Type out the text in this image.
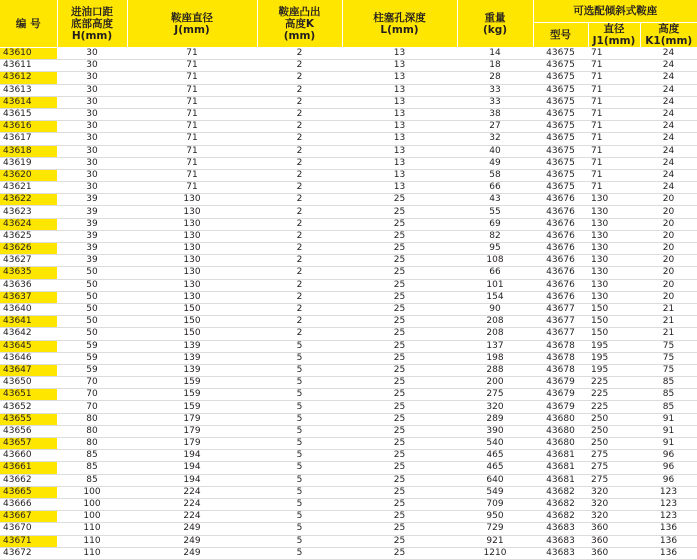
编 号	进油口距
底部高度
H(mm)	鞍座直径
J(mm)	鞍座凸出
高度K
(mm)	柱塞孔深度
L(mm)	重量
(kg)	可选配倾斜式鞍座		
						型号	直径J1(mm)	高度K1(mm)
43610	30	71	2	13	14	43675	71	24
43611	30	71	2	13	18	43675	71	24
43612	30	71	2	13	28	43675	71	24
43613	30	71	2	13	33	43675	71	24
43614	30	71	2	13	33	43675	71	24
43615	30	71	2	13	38	43675	71	24
43616	30	71	2	13	27	43675	71	24
43617	30	71	2	13	32	43675	71	24
43618	30	71	2	13	40	43675	71	24
43619	30	71	2	13	49	43675	71	24
43620	30	71	2	13	58	43675	71	24
43621	30	71	2	13	66	43675	71	24
43622	39	130	2	25	43	43676	130	20
43623	39	130	2	25	55	43676	130	20
43624	39	130	2	25	69	43676	130	20
43625	39	130	2	25	82	43676	130	20
43626	39	130	2	25	95	43676	130	20
43627	39	130	2	25	108	43676	130	20
43635	50	130	2	25	66	43676	130	20
43636	50	130	2	25	101	43676	130	20
43637	50	130	2	25	154	43676	130	20
43640	50	150	2	25	90	43677	150	21
43641	50	150	2	25	208	43677	150	21
43642	50	150	2	25	208	43677	150	21
43645	59	139	5	25	137	43678	195	75
43646	59	139	5	25	198	43678	195	75
43647	59	139	5	25	288	43678	195	75
43650	70	159	5	25	200	43679	225	85
43651	70	159	5	25	275	43679	225	85
43652	70	159	5	25	320	43679	225	85
43655	80	179	5	25	289	43680	250	91
43656	80	179	5	25	390	43680	250	91
43657	80	179	5	25	540	43680	250	91
43660	85	194	5	25	465	43681	275	96
43661	85	194	5	25	465	43681	275	96
43662	85	194	5	25	640	43681	275	96
43665	100	224	5	25	549	43682	320	123
43666	100	224	5	25	709	43682	320	123
43667	100	224	5	25	950	43682	320	123
43670	110	249	5	25	729	43683	360	136
43671	110	249	5	25	921	43683	360	136
43672	110	249	5	25	1210	43683	360	136
